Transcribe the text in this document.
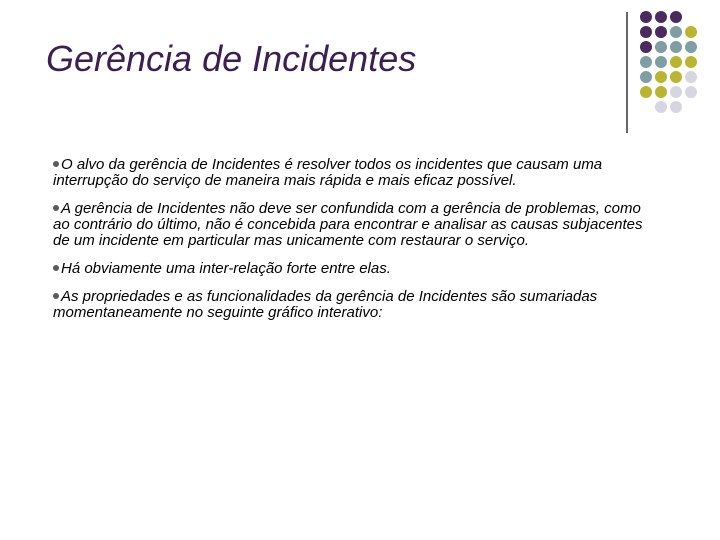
Gerência de Incidentes

O alvo da gerência de Incidentes é resolver todos os incidentes que causam uma interrupção do serviço de maneira mais rápida e mais eficaz possível.

A gerência de Incidentes não deve ser confundida com a gerência de problemas, como ao contrário do último, não é concebida para encontrar e analisar as causas subjacentes de um incidente em particular mas unicamente com restaurar o serviço.

Há obviamente uma inter-relação forte entre elas.

As propriedades e as funcionalidades da gerência de Incidentes são sumariadas momentaneamente no seguinte gráfico interativo:
